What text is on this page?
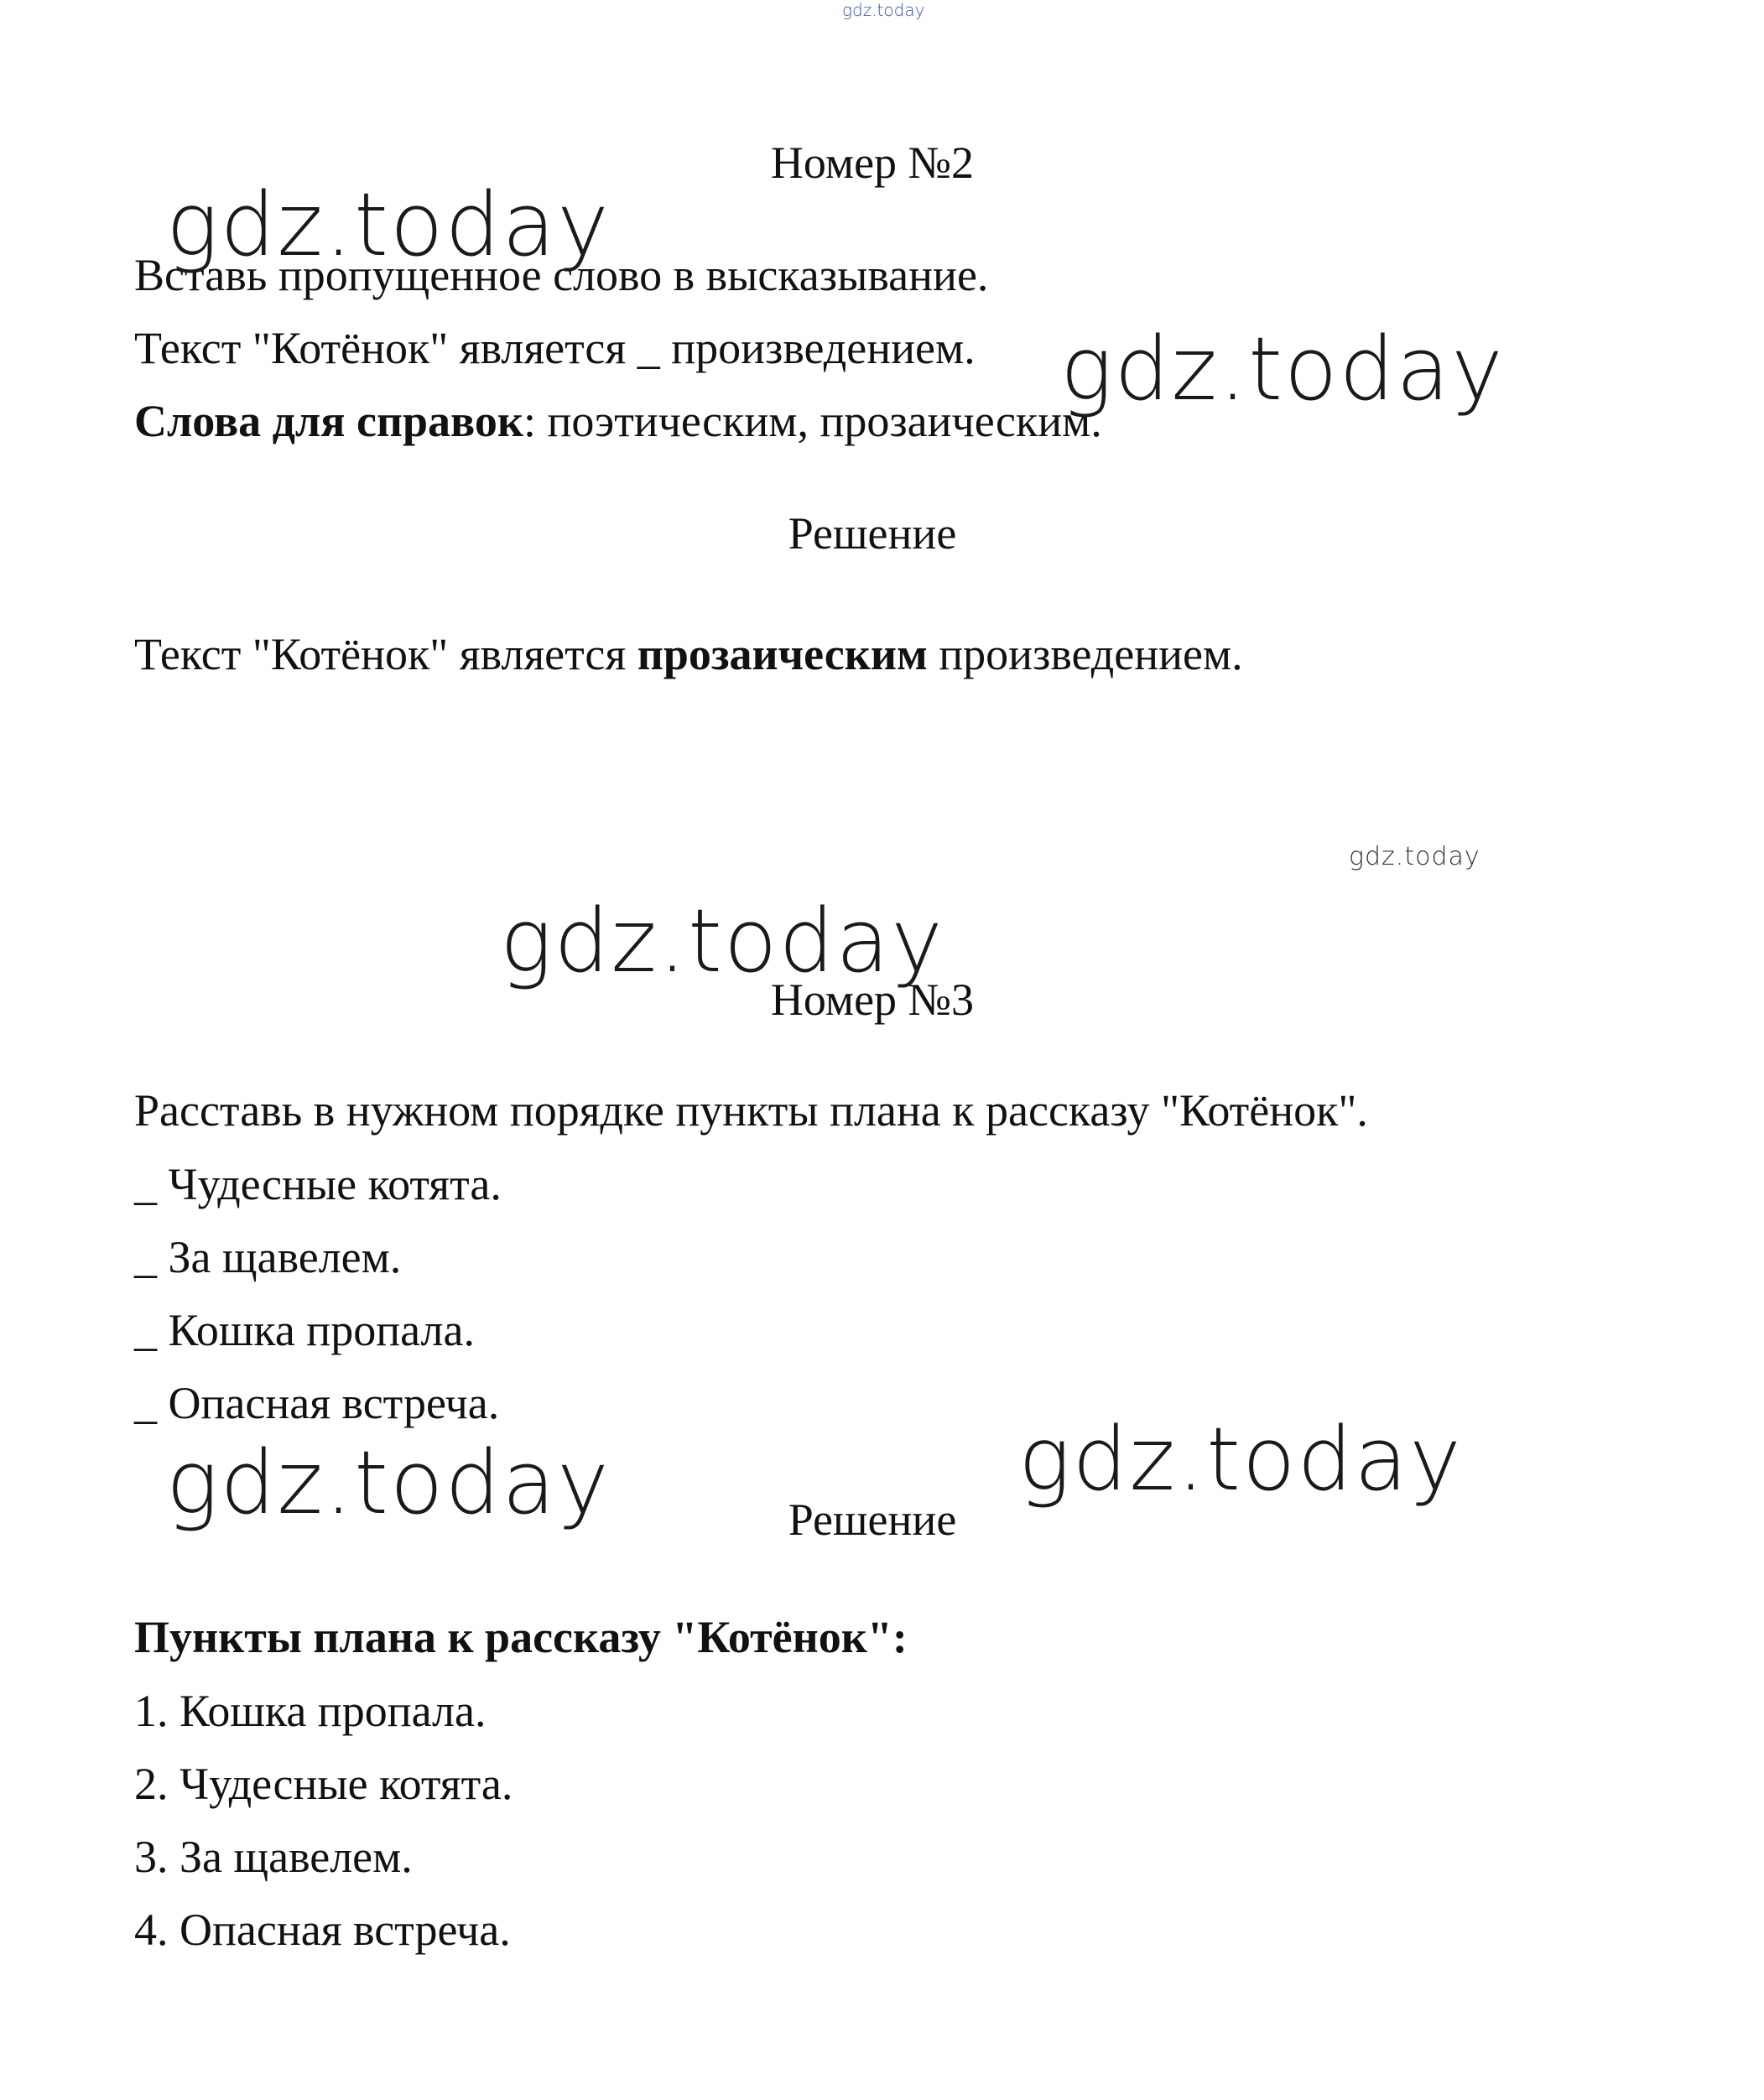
gdz.today
Номер №2
Вставь пропущенное слово в высказывание.
Текст "Котёнок" является _ произведением.
Слова для справок: поэтическим, прозаическим.
Решение
Текст "Котёнок" является прозаическим произведением.
Номер №3
Расставь в нужном порядке пункты плана к рассказу "Котёнок".
_ Чудесные котята.
_ За щавелем.
_ Кошка пропала.
_ Опасная встреча.
Решение
Пункты плана к рассказу "Котёнок":
1. Кошка пропала.
2. Чудесные котята.
3. За щавелем.
4. Опасная встреча.
gdz.today
gdz.today
gdz.today
gdz.today
gdz.today	gdz.today
